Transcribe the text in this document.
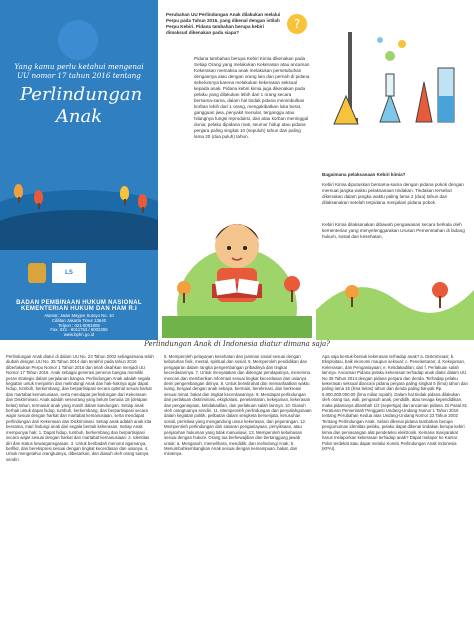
Yang kamu perlu ketahui mengenai UU nomor 17 tahun 2016 tentang
Perlindungan Anak
LS
BADAN PEMBINAAN HUKUM NASIONAL
KEMENTERIAN HUKUM DAN HAM R.I
Alamat: Jalan Mayjen Sutoyo No. 10
Cililitan Jakarta Timur 13640
Telpon : 021-8091908
Fax. 021 - 8011753 / 8002265
www.bphn.go.id
Perubahan UU Perlindungan Anak dilakukan melalui Perpu pada Tahun 2016, yang dikenal dengan istilah Perpu Kebiri. Pidana tambahan berupa kebiri dimaksud dikenakan pada siapa?
?
Pidana tambahan berupa Kebiri Kimia dikenakan pada Setiap Orang yang melakukan Kekerasan atau ancaman Kekerasan memaksa anak melakukan persetubuhan dengannya atau dengan orang lain dan pernah di pidana sebelumnya karena melakukan kekerasan seksual kepada anak. Pidana kebiri kimia juga dikenakan pada pelaku yang dilakukan lebih dari 1 orang secara bersama-sama, dalam hal tindak pidana menimbulkan korban lebih dari 1 orang, mengakibatkan luka berat, gangguan jiwa, penyakit menular, terganggu atau hilangnya fungsi reproduksi, dan atau korban meninggal dunia; pelaku dipidana mati, seumur hidup atau pidana penjara paling singkat 10 (sepuluh) tahun dan paling lama 20 (dua puluh) tahun.
Bagaimana pelaksanaan Kebiri kimia?
Kebiri Kimia diputuskan bersama-sama dengan pidana pokok dengan memuat jangka waktu pelaksanaan tindakan. Tindakan tersebut dikenakan dalam jangka waktu paling lama 2 (dua) tahun dan dilaksanakan setelah terpidana menjalani pidana pokok.
Kebiri Kimia dilaksanakan dibawah pengawasan secara berkala oleh kementerian yang menyelenggarakan Urusan Pemerintahan di bidang hukum, sosial dan kesehatan.
Perlindungan Anak di Indonesia diatur dimana saja?
Perlindungan Anak diatur di dalam UU No. 23 Tahun 2002 sebagaimana telah diubah dengan UU No. 35 Tahun 2014 dan terakhir pada tahun 2016 diberlakukan Perpu Nomor 1 Tahun 2016 dan telah disahkan menjadi UU Nomor 17 Tahun 2016. Anak sebagai generasi penerus bangsa memiliki peran strategis dalam perjalanan bangsa. Perlindungan Anak adalah segala kegiatan untuk menjamin dan melindungi Anak dan hak-haknya agar dapat hidup, tumbuh, berkembang, dan berpartisipasi secara optimal sesuai harkat dan martabat kemanusiaan, serta mendapat perlindungan dari Kekerasan dan Diskriminasi. Anak adalah seseorang yang belum berusia 18 (delapan belas) tahun, termasuk anak yang masih dalam kandungan. Setiap anak berhak untuk dapat hidup, tumbuh, berkembang, dan berpartisipasi secara wajar sesuai dengan harkat dan martabat kemanusiaan, serta mendapat perlindungan dari Kekerasan dan Diskriminasi. Setiap anak adalah anak kita bersama, mari lindungi anak dari segala bentuk kekerasan. Setiap Anak mempunyai hak: 1. Dapat hidup, tumbuh, berkembang dan berpartisipasi secara wajar sesuai dengan harkat dan martabat kemanusiaan. 2. Identitas diri dan status kewarganegaraan. 3. Untuk beribadah menurut agamanya, berfikir, dan berekspresi sesuai dengan tingkat kecerdasan dan usianya. 4. Untuk mengetahui orangtuanya, dibesarkan, dan diasuh oleh orang tuanya sendiri.
5. Memperoleh pelayanan kesehatan dan jaminan sosial sesuai dengan kebutuhan fisik, mental, spiritual dan sosial. 6. Memperoleh pendidikan dan pengajaran dalam rangka pengembangan pribadinya dan tingkat kecerdasannya. 7. Untuk menyatakan dan didengar pendapatnya, menerima, mencari dan memberikan informasi sesuai tingkat kecerdasan dan usianya demi pengembangan dirinya. 8. Untuk beristirahat dan memanfaatkan waktu luang, bergaul dengan anak sebaya, bermain, berekreasi, dan berkreasi sesuai minat, bakat dan tingkat kecerdasannya. 9. Mendapat perlindungan dari perlakuan diskriminasi, eksploitasi, penelantaran, kekejaman, kekerasan dan penganiayaan, ketidakadilan, dan perlakuan salah lainnya. 10. Diasuh oleh orangtuanya sendiri. 11. Memperoleh perlindungan dari penyalahgunaan dalam kegiatan politik, pelibatan dalam sengketa bersenjata, kerusuhan sosial, peristiwa yang mengandung unsur kekerasan, dan peperangan. 12. Memperoleh perlindungan dari sasaran penganiayaan, penyiksaan, atau penjatuhan hukuman yang tidak manusiawi. 13. Memperoleh kebebasan sesuai dengan hukum. Orang tua berkewajiban dan bertanggung jawab untuk: a. Mengasuh, memelihara, mendidik, dan melindungi Anak; b. Menumbuhkembangkan Anak sesuai dengan kemampuan, bakat, dan minatnya.
Apa saja bentuk-bentuk kekerasan terhadap anak? a. Diskriminasi; b. Eksploitasi, baik ekonomi maupun seksual; c. Penelantaran; d. Kekejaman, Kekerasan, dan Penganiayaan; e. Ketidakadilan; dan f. Perlakuan salah lainnya. Ancaman Pidana pelaku kekerasan terhadap anak diatur dalam UU No 35 Tahun 2014 dengan pidana penjara dan denda. Terhadap pelaku kekerasan seksual diancam pidana penjara paling singkat 5 (lima) tahun dan paling lama 15 (lima belas) tahun dan denda paling banyak Rp. 5.000.000.000,00 (lima miliar rupiah). Dalam hal tindak pidana dilakukan oleh orang tua, wali, pengasuh anak, pendidik, atau tenaga kependidikan, maka pidananya ditambah 1/3 (sepertiga) dari ancaman pidana. Di Pasal 81 Peraturan Pemerintah Pengganti Undang-Undang Nomor 1 Tahun 2016 tentang Perubahan Kedua atas Undang-Undang Nomor 23 Tahun 2002 Tentang Perlindungan Anak. Selain dikenai pidana tambahan berupa pengumuman identitas pelaku, pelaku dapat dikenai tindakan berupa kebiri kimia dan pemasangan alat pendeteksi elektronik. Kemana masyarakat harus melaporkan kekerasan terhadap anak? Dapat melapor ke Kantor Polisi terdekat atau dapat melalui Komisi Perlindungan Anak Indonesia (KPAI).
